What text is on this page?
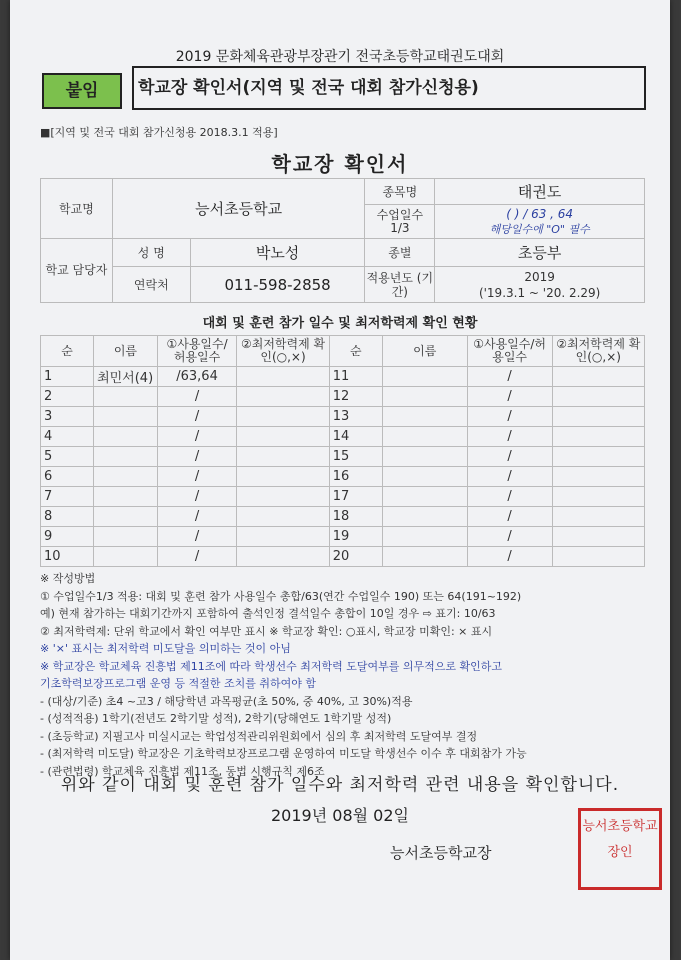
2019 문화체육관광부장관기 전국초등학교태권도대회
붙임	학교장 확인서(지역 및 전국 대회 참가신청용)
■[지역 및 전국 대회 참가신청용 2018.3.1 적용]
학교장 확인서
학교명	능서초등학교		종목명	태권도
			수업일수 1/3	( ) / 63 , 64
해당일수에 "O" 필수

학교 담당자	성 명	박노성	종별	초등부
	연락처	011-598-2858	적용년도 (기간)	2019
('19.3.1 ~ '20. 2.29)
대회 및 훈련 참가 일수 및 최저학력제 확인 현황
순	이름	①사용일수/허용일수	②최저학력제 확인(○,×)	순	이름	①사용일수/허용일수	②최저학력제 확인(○,×)
1	최민서(4)	/63,64		11		/	
2		/		12		/	
3		/		13		/	
4		/		14		/	
5		/		15		/	
6		/		16		/	
7		/		17		/	
8		/		18		/	
9		/		19		/	
10		/		20		/	
※ 작성방법
① 수업일수1/3 적용: 대회 및 훈련 참가 사용일수 총합/63(연간 수업일수 190) 또는 64(191~192)
예) 현재 참가하는 대회기간까지 포함하여 출석인정 결석일수 총합이 10일 경우 ⇨ 표기: 10/63
② 최저학력제: 단위 학교에서 확인 여부만 표시 ※ 학교장 확인: ○표시, 학교장 미확인: × 표시
※ '×' 표시는 최저학력 미도달을 의미하는 것이 아님
※ 학교장은 학교체육 진흥법 제11조에 따라 학생선수 최저학력 도달여부를 의무적으로 확인하고
기초학력보장프로그램 운영 등 적절한 조치를 취하여야 함
- (대상/기준) 초4 ~고3 / 해당학년 과목평균(초 50%, 중 40%, 고 30%)적용
- (성적적용) 1학기(전년도 2학기말 성적), 2학기(당해연도 1학기말 성적)
- (초등학교) 지필고사 미실시교는 학업성적관리위원회에서 심의 후 최저학력 도달여부 결정
- (최저학력 미도달) 학교장은 기초학력보장프로그램 운영하여 미도달 학생선수 이수 후 대회참가 가능
- (관련법령) 학교체육 진흥법 제11조, 동법 시행규칙 제6조
위와 같이 대회 및 훈련 참가 일수와 최저학력 관련 내용을 확인합니다.
2019년 08월 02일
능서초등학교장
능서초등학교장인
